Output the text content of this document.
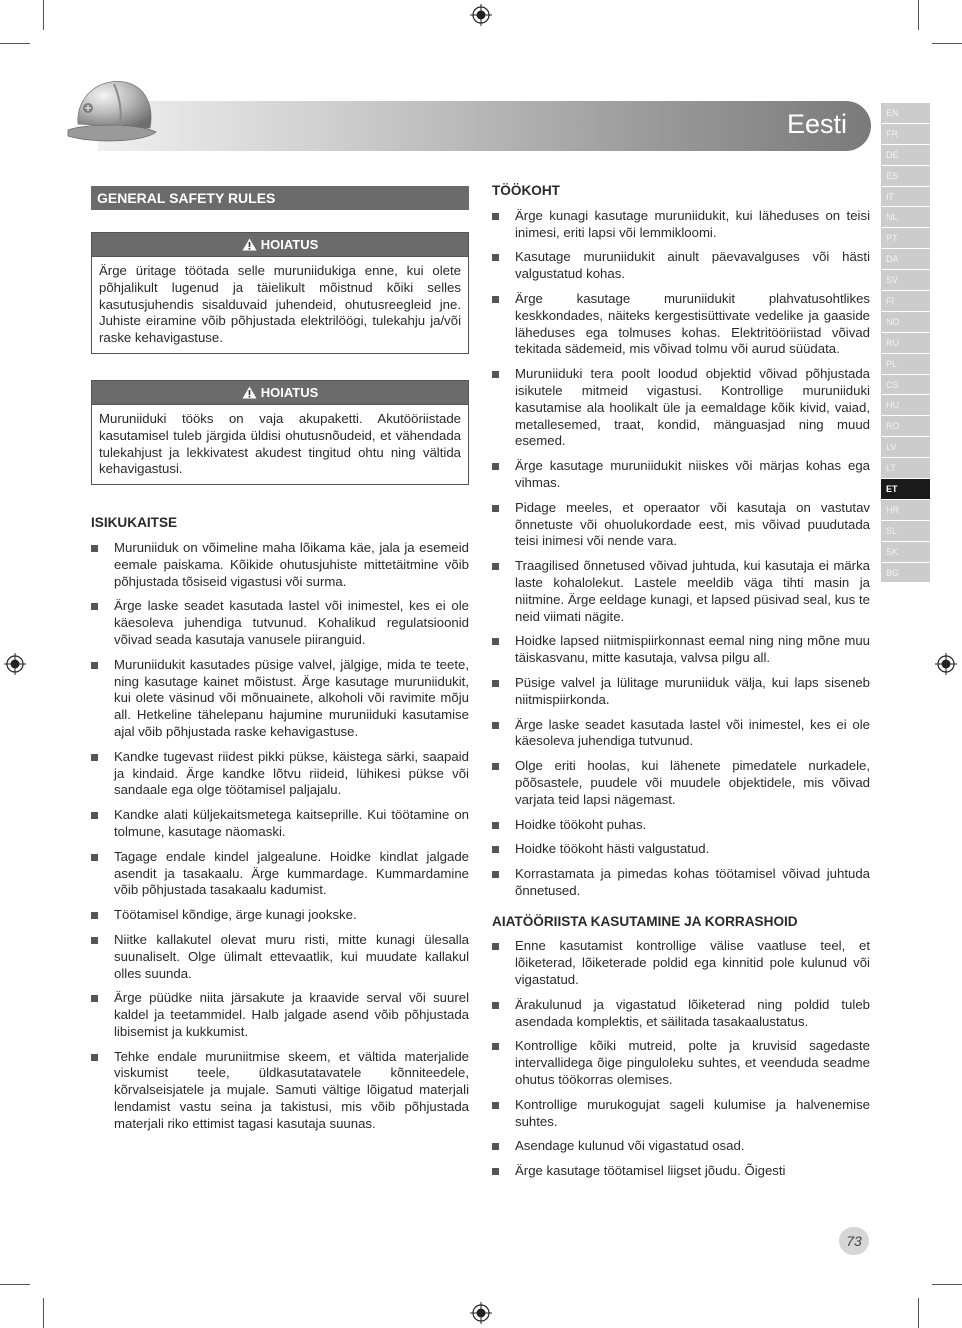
Eesti	EN
FR
DE
ES
IT
NL
PT
DA
SV
FI
NO
RU
PL
CS
HU
RO
LV
LT
ET
HR
SL
SK
BG
GENERAL SAFETY RULES
HOIATUS
Ärge üritage töötada selle muruniidukiga enne, kui olete põhjalikult lugenud ja täielikult mõistnud kõiki selles kasutusjuhendis sisalduvaid juhendeid, ohutusreegleid jne. Juhiste eiramine võib põhjustada elektrilöögi, tulekahju ja/või raske kehavigastuse.
HOIATUS
Muruniiduki tööks on vaja akupaketti. Akutööriistade kasutamisel tuleb järgida üldisi ohutusnõudeid, et vähendada tulekahjust ja lekkivatest akudest tingitud ohtu ning vältida kehavigastusi.
ISIKUKAITSE
Muruniiduk on võimeline maha lõikama käe, jala ja esemeid eemale paiskama. Kõikide ohutusjuhiste mittetäitmine võib põhjustada tõsiseid vigastusi või surma.
Ärge laske seadet kasutada lastel või inimestel, kes ei ole käesoleva juhendiga tutvunud. Kohalikud regulatsioonid võivad seada kasutaja vanusele piiranguid.
Muruniidukit kasutades püsige valvel, jälgige, mida te teete, ning kasutage kainet mõistust. Ärge kasutage muruniidukit, kui olete väsinud või mõnuainete, alkoholi või ravimite mõju all. Hetkeline tähelepanu hajumine muruniiduki kasutamise ajal võib põhjustada raske kehavigastuse.
Kandke tugevast riidest pikki pükse, käistega särki, saapaid ja kindaid. Ärge kandke lõtvu riideid, lühikesi pükse või sandaale ega olge töötamisel paljajalu.
Kandke alati küljekaitsmetega kaitseprille. Kui töötamine on tolmune, kasutage näomaski.
Tagage endale kindel jalgealune. Hoidke kindlat jalgade asendit ja tasakaalu. Ärge kummardage. Kummardamine võib põhjustada tasakaalu kadumist.
Töötamisel kõndige, ärge kunagi jookske.
Niitke kallakutel olevat muru risti, mitte kunagi ülesalla suunaliselt. Olge ülimalt ettevaatlik, kui muudate kallakul olles suunda.
Ärge püüdke niita järsakute ja kraavide serval või suurel kaldel ja teetammidel. Halb jalgade asend võib põhjustada libisemist ja kukkumist.
Tehke endale muruniitmise skeem, et vältida materjalide viskumist teele, üldkasutatavatele kõnniteedele, kõrvalseisjatele ja mujale. Samuti vältige lõigatud materjali lendamist vastu seina ja takistusi, mis võib põhjustada materjali riko ettimist tagasi kasutaja suunas.
TÖÖKOHT
Ärge kunagi kasutage muruniidukit, kui läheduses on teisi inimesi, eriti lapsi või lemmikloomi.
Kasutage muruniidukit ainult päevavalguses või hästi valgustatud kohas.
Ärge kasutage muruniidukit plahvatusohtlikes keskkondades, näiteks kergestisüttivate vedelike ja gaaside läheduses ega tolmuses kohas. Elektritööriistad võivad tekitada sädemeid, mis võivad tolmu või aurud süüdata.
Muruniiduki tera poolt loodud objektid võivad põhjustada isikutele mitmeid vigastusi. Kontrollige muruniiduki kasutamise ala hoolikalt üle ja eemaldage kõik kivid, vaiad, metallesemed, traat, kondid, mänguasjad ning muud esemed.
Ärge kasutage muruniidukit niiskes või märjas kohas ega vihmas.
Pidage meeles, et operaator või kasutaja on vastutav õnnetuste või ohuolukordade eest, mis võivad puudutada teisi inimesi või nende vara.
Traagilised õnnetused võivad juhtuda, kui kasutaja ei märka laste kohalolekut. Lastele meeldib väga tihti masin ja niitmine. Ärge eeldage kunagi, et lapsed püsivad seal, kus te neid viimati nägite.
Hoidke lapsed niitmispiirkonnast eemal ning ning mõne muu täiskasvanu, mitte kasutaja, valvsa pilgu all.
Püsige valvel ja lülitage muruniiduk välja, kui laps siseneb niitmispiirkonda.
Ärge laske seadet kasutada lastel või inimestel, kes ei ole käesoleva juhendiga tutvunud.
Olge eriti hoolas, kui lähenete pimedatele nurkadele, põõsastele, puudele või muudele objektidele, mis võivad varjata teid lapsi nägemast.
Hoidke töökoht puhas.
Hoidke töökoht hästi valgustatud.
Korrastamata ja pimedas kohas töötamisel võivad juhtuda õnnetused.
AIATÖÖRIISTA KASUTAMINE JA KORRASHOID
Enne kasutamist kontrollige välise vaatluse teel, et lõiketerad, lõiketerade poldid ega kinnitid pole kulunud või vigastatud.
Ärakulunud ja vigastatud lõiketerad ning poldid tuleb asendada komplektis, et säilitada tasakaalustatus.
Kontrollige kõiki mutreid, polte ja kruvisid sagedaste intervallidega õige pinguloleku suhtes, et veenduda seadme ohutus töökorras olemises.
Kontrollige murukogujat sageli kulumise ja halvenemise suhtes.
Asendage kulunud või vigastatud osad.
Ärge kasutage töötamisel liigset jõudu. Õigesti
73
